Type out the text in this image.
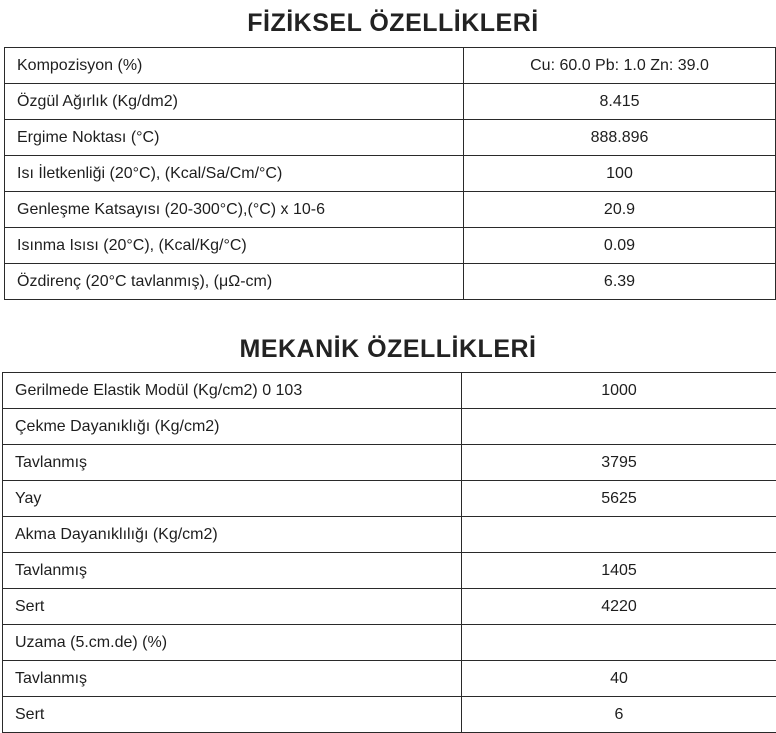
FİZİKSEL ÖZELLİKLERİ
Kompozisyon (%)	Cu: 60.0 Pb: 1.0 Zn: 39.0
Özgül Ağırlık (Kg/dm2)	8.415
Ergime Noktası (°C)	888.896
Isı İletkenliği (20°C), (Kcal/Sa/Cm/°C)	100
Genleşme Katsayısı (20-300°C),(°C) x 10-6	20.9
Isınma Isısı (20°C), (Kcal/Kg/°C)	0.09
Özdirenç (20°C tavlanmış), (μΩ-cm)	6.39
MEKANİK ÖZELLİKLERİ
Gerilmede Elastik Modül (Kg/cm2) 0 103	1000
Çekme Dayanıklığı (Kg/cm2)	
Tavlanmış	3795
Yay	5625
Akma Dayanıklılığı (Kg/cm2)	
Tavlanmış	1405
Sert	4220
Uzama (5.cm.de) (%)	
Tavlanmış	40
Sert	6
